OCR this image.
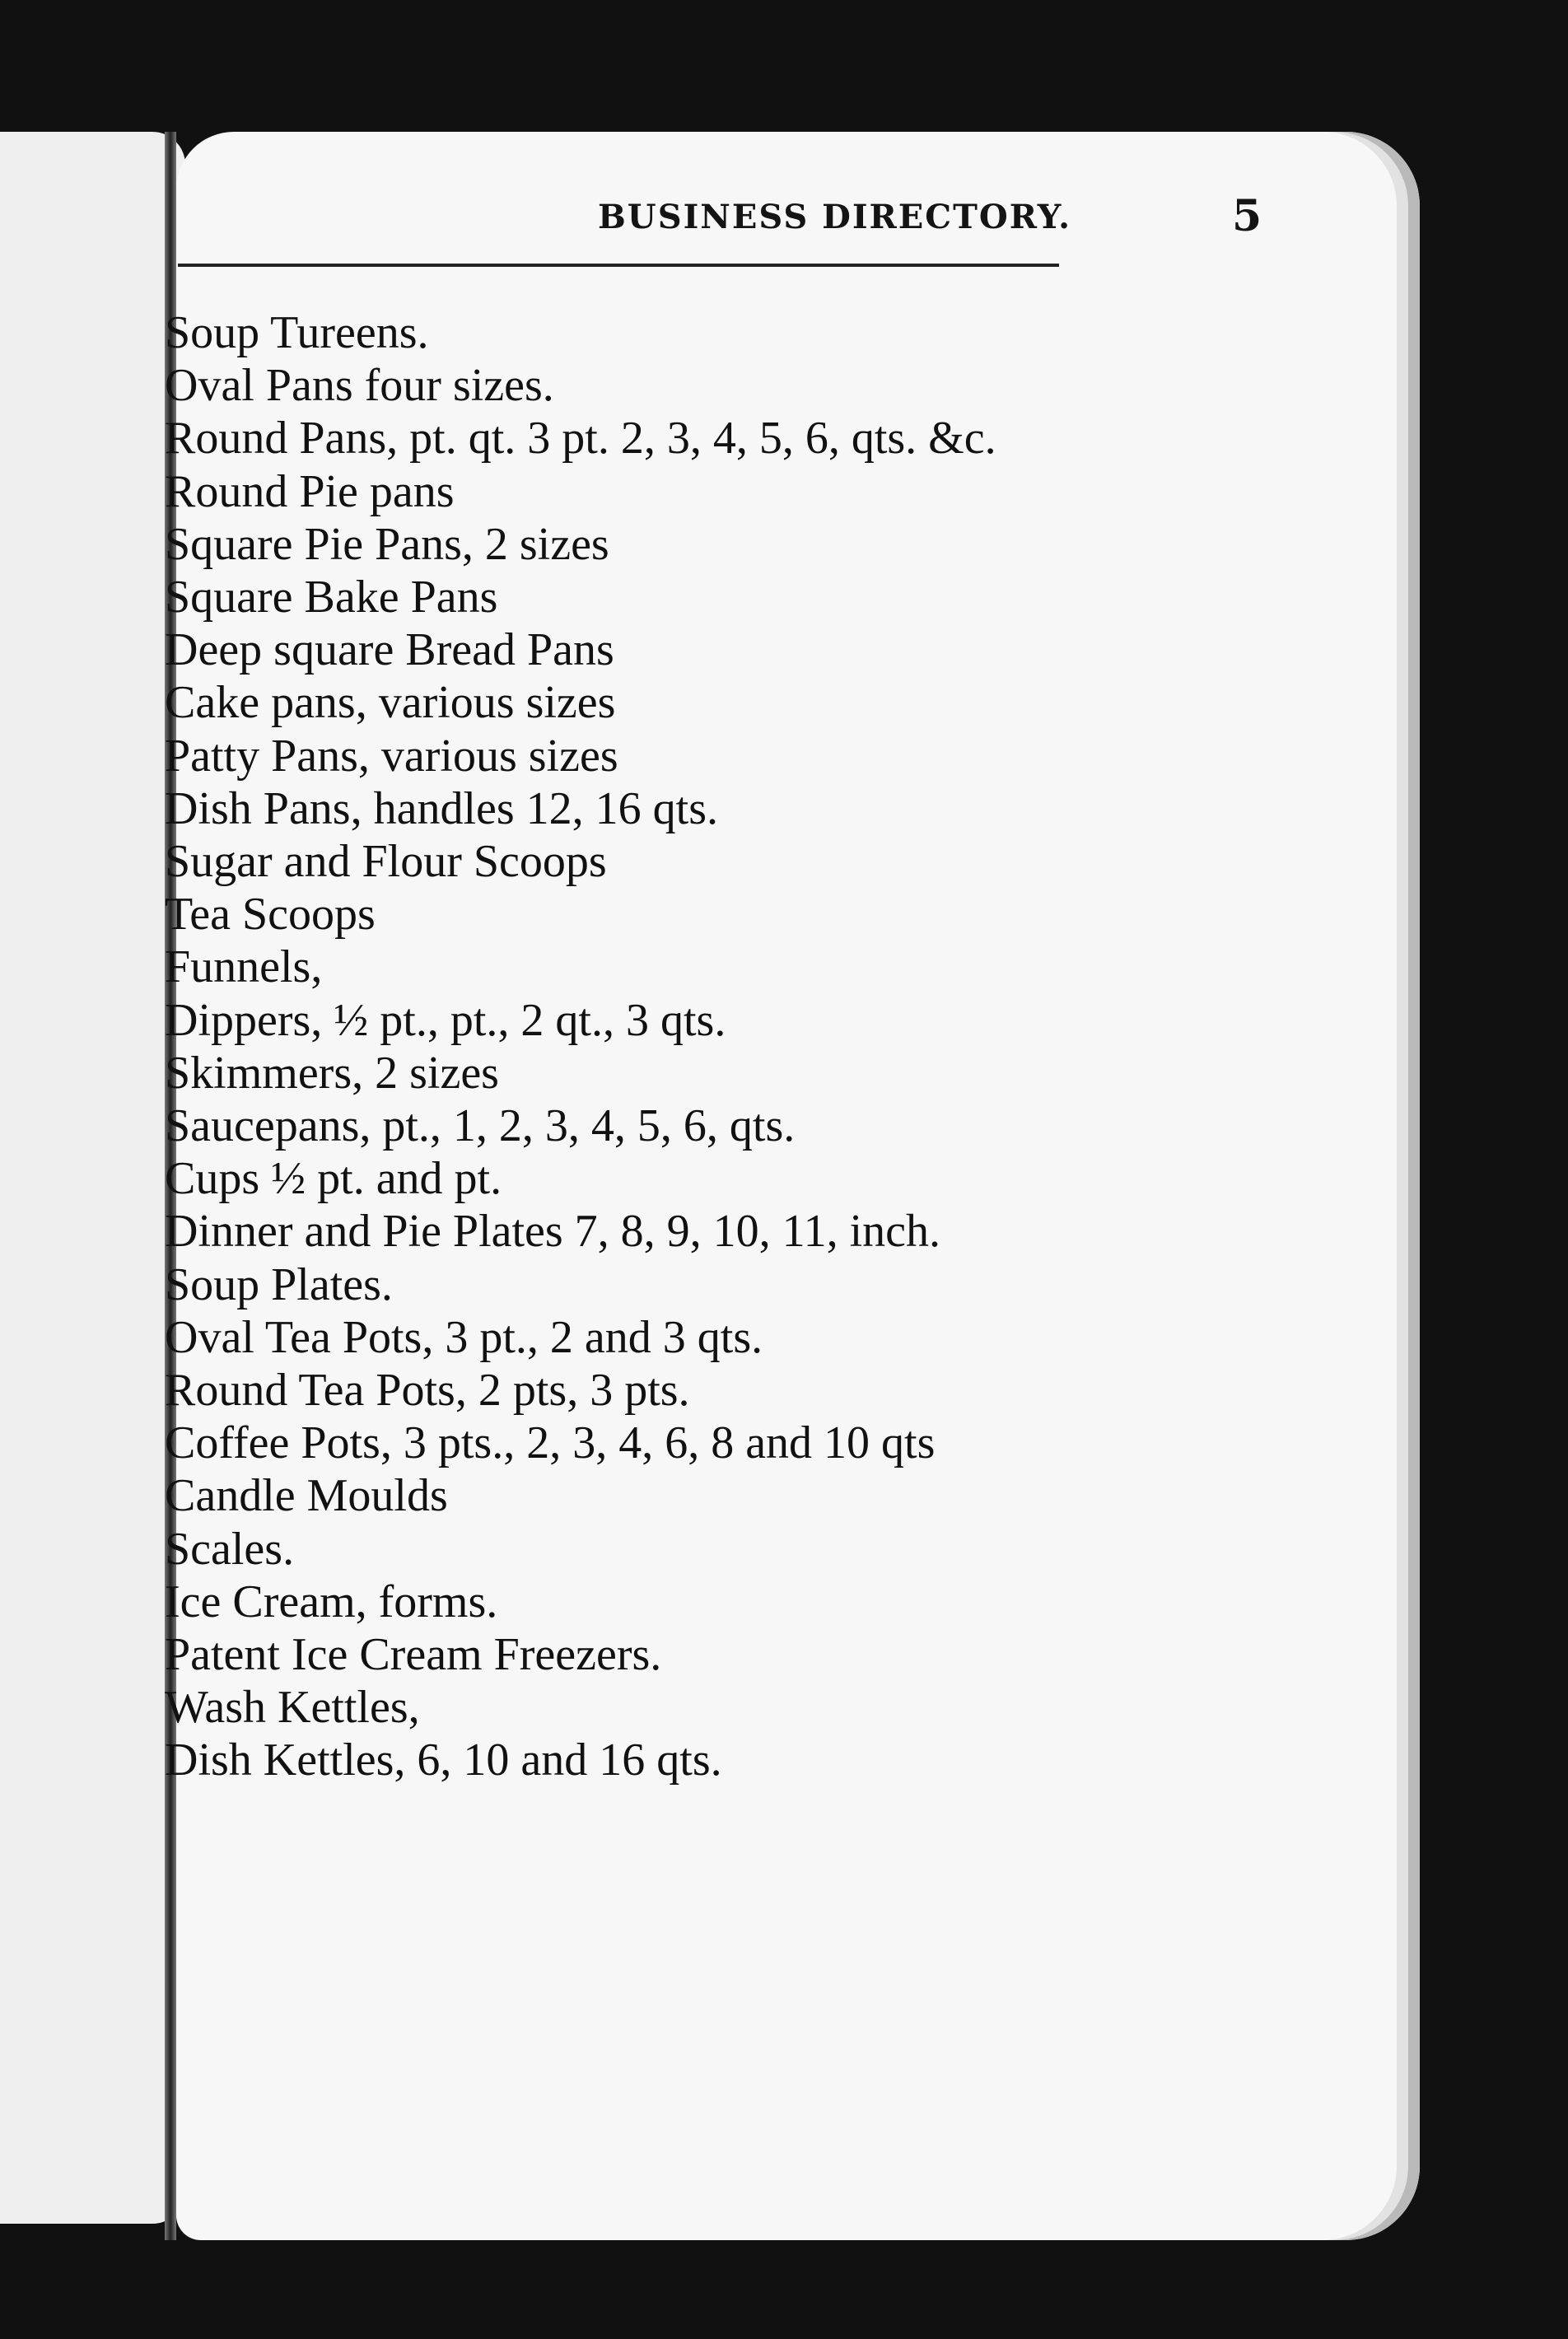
BUSINESS DIRECTORY.	5
Soup Tureens.
Oval Pans four sizes.
Round Pans, pt. qt. 3 pt. 2, 3, 4, 5, 6, qts. &c.
Round Pie pans
Square Pie Pans, 2 sizes
Square Bake Pans
Deep square Bread Pans
Cake pans, various sizes
Patty Pans, various sizes
Dish Pans, handles 12, 16 qts.
Sugar and Flour Scoops
Tea Scoops
Funnels,
Dippers, ½ pt., pt., 2 qt., 3 qts.
Skimmers, 2 sizes
Saucepans, pt., 1, 2, 3, 4, 5, 6, qts.
Cups ½ pt. and pt.
Dinner and Pie Plates 7, 8, 9, 10, 11, inch.
Soup Plates.
Oval Tea Pots, 3 pt., 2 and 3 qts.
Round Tea Pots, 2 pts, 3 pts.
Coffee Pots, 3 pts., 2, 3, 4, 6, 8 and 10 qts
Candle Moulds
Scales.
Ice Cream, forms.
Patent Ice Cream Freezers.
Wash Kettles,
Dish Kettles, 6, 10 and 16 qts.
